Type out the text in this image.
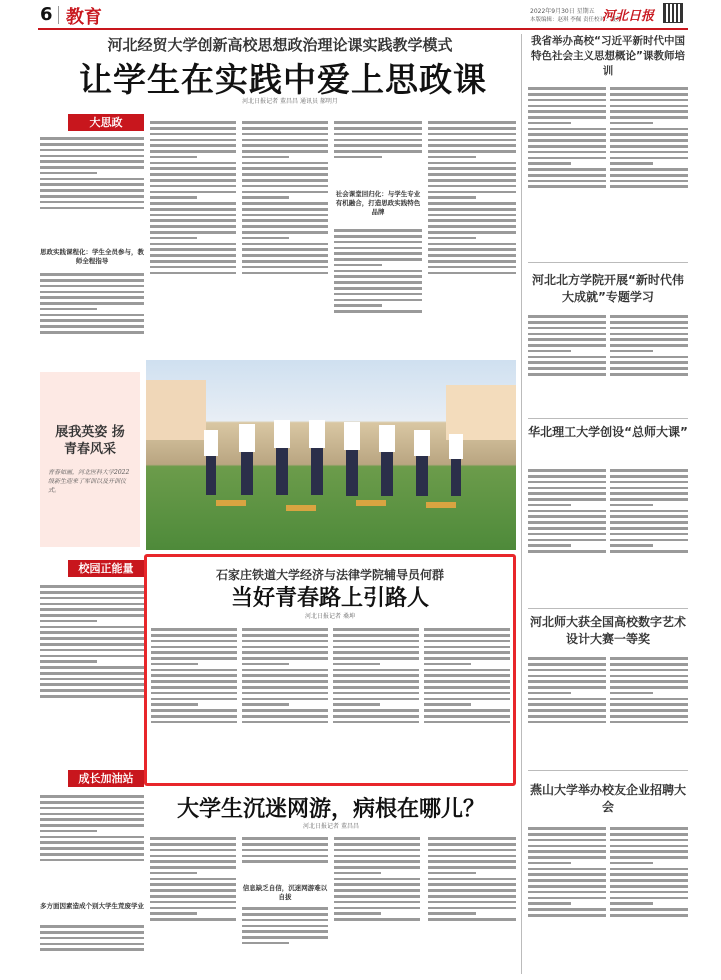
6 教育	2022年9月30日 星期五
本版编辑：赵琪 李佩 责任校对：聂芳
河北日报
河北经贸大学创新高校思想政治理论课实践教学模式
让学生在实践中爱上思政课
河北日报记者 董昌昌 通讯员 郝明月
大思政
思政实践课程化：学生全员参与，教师全程指导
社会课堂回归化：与学生专业有机融合，打造思政实践特色品牌
展我英姿 扬青春风采
青春如画，河北医科大学2022级新生迎来了军训以及开训仪式。
校园正能量
成长加油站
多方面因素造成个别大学生荒废学业
石家庄铁道大学经济与法律学院辅导员何群
当好青春路上引路人
河北日报记者 桑坤
大学生沉迷网游，病根在哪儿？
河北日报记者 董昌昌
信息缺乏自信，沉迷网游难以自拔
我省举办高校“习近平新时代中国特色社会主义思想概论”课教师培训
河北北方学院开展“新时代伟大成就”专题学习
华北理工大学创设“总师大课”
河北师大获全国高校数字艺术设计大赛一等奖
燕山大学举办校友企业招聘大会
